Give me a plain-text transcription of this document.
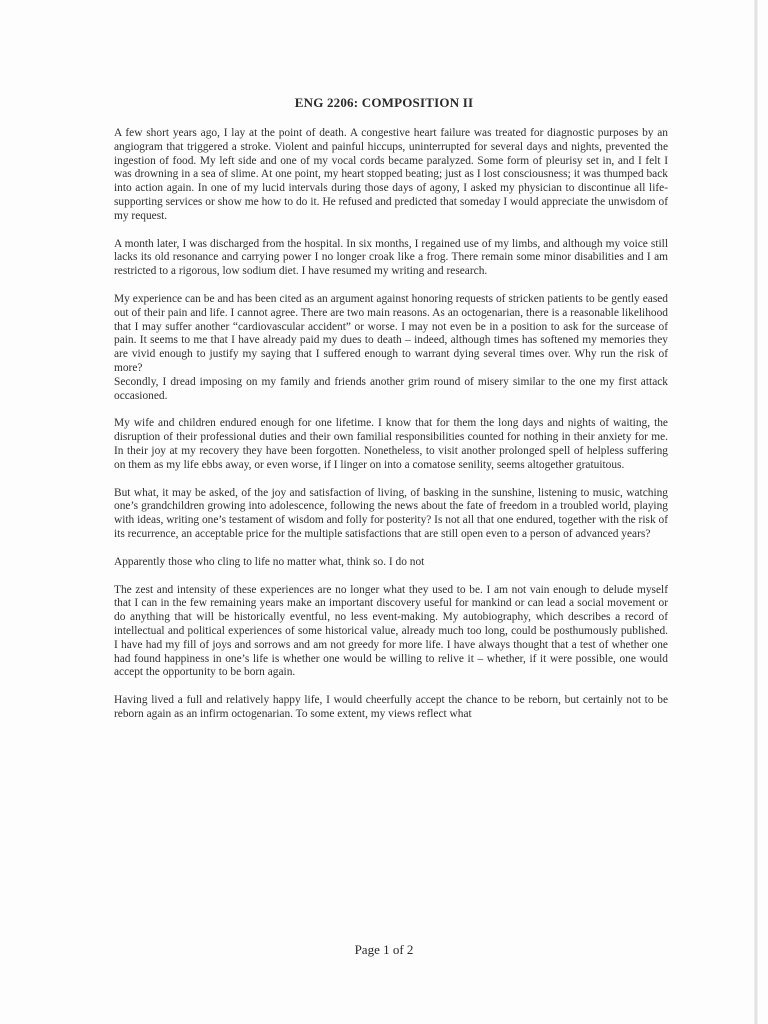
ENG 2206: COMPOSITION II

A few short years ago, I lay at the point of death. A congestive heart failure was treated for diagnostic purposes by an angiogram that triggered a stroke. Violent and painful hiccups, uninterrupted for several days and nights, prevented the ingestion of food. My left side and one of my vocal cords became paralyzed. Some form of pleurisy set in, and I felt I was drowning in a sea of slime. At one point, my heart stopped beating; just as I lost consciousness; it was thumped back into action again. In one of my lucid intervals during those days of agony, I asked my physician to discontinue all life-supporting services or show me how to do it. He refused and predicted that someday I would appreciate the unwisdom of my request.

A month later, I was discharged from the hospital. In six months, I regained use of my limbs, and although my voice still lacks its old resonance and carrying power I no longer croak like a frog. There remain some minor disabilities and I am restricted to a rigorous, low sodium diet. I have resumed my writing and research.

My experience can be and has been cited as an argument against honoring requests of stricken patients to be gently eased out of their pain and life. I cannot agree. There are two main reasons. As an octogenarian, there is a reasonable likelihood that I may suffer another “cardiovascular accident” or worse. I may not even be in a position to ask for the surcease of pain. It seems to me that I have already paid my dues to death – indeed, although times has softened my memories they are vivid enough to justify my saying that I suffered enough to warrant dying several times over. Why run the risk of more?

Secondly, I dread imposing on my family and friends another grim round of misery similar to the one my first attack occasioned.

My wife and children endured enough for one lifetime. I know that for them the long days and nights of waiting, the disruption of their professional duties and their own familial responsibilities counted for nothing in their anxiety for me. In their joy at my recovery they have been forgotten. Nonetheless, to visit another prolonged spell of helpless suffering on them as my life ebbs away, or even worse, if I linger on into a comatose senility, seems altogether gratuitous.

But what, it may be asked, of the joy and satisfaction of living, of basking in the sunshine, listening to music, watching one’s grandchildren growing into adolescence, following the news about the fate of freedom in a troubled world, playing with ideas, writing one’s testament of wisdom and folly for posterity? Is not all that one endured, together with the risk of its recurrence, an acceptable price for the multiple satisfactions that are still open even to a person of advanced years?

Apparently those who cling to life no matter what, think so. I do not

The zest and intensity of these experiences are no longer what they used to be. I am not vain enough to delude myself that I can in the few remaining years make an important discovery useful for mankind or can lead a social movement or do anything that will be historically eventful, no less event-making. My autobiography, which describes a record of intellectual and political experiences of some historical value, already much too long, could be posthumously published. I have had my fill of joys and sorrows and am not greedy for more life. I have always thought that a test of whether one had found happiness in one’s life is whether one would be willing to relive it – whether, if it were possible, one would accept the opportunity to be born again.

Having lived a full and relatively happy life, I would cheerfully accept the chance to be reborn, but certainly not to be reborn again as an infirm octogenarian. To some extent, my views reflect what

Page 1 of 2
